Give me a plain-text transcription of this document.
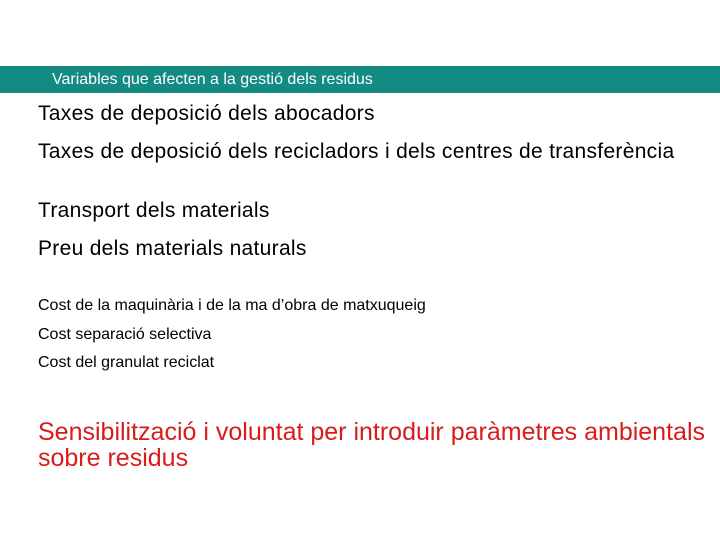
Variables que afecten a la gestió dels residus
Taxes de deposició dels abocadors
Taxes de deposició dels recicladors i dels centres de transferència
Transport dels materials
Preu dels materials naturals
Cost de la maquinària i de la ma d’obra de matxuqueig
Cost separació selectiva
Cost del granulat reciclat
Sensibilització i voluntat per introduir paràmetres ambientals sobre residus
